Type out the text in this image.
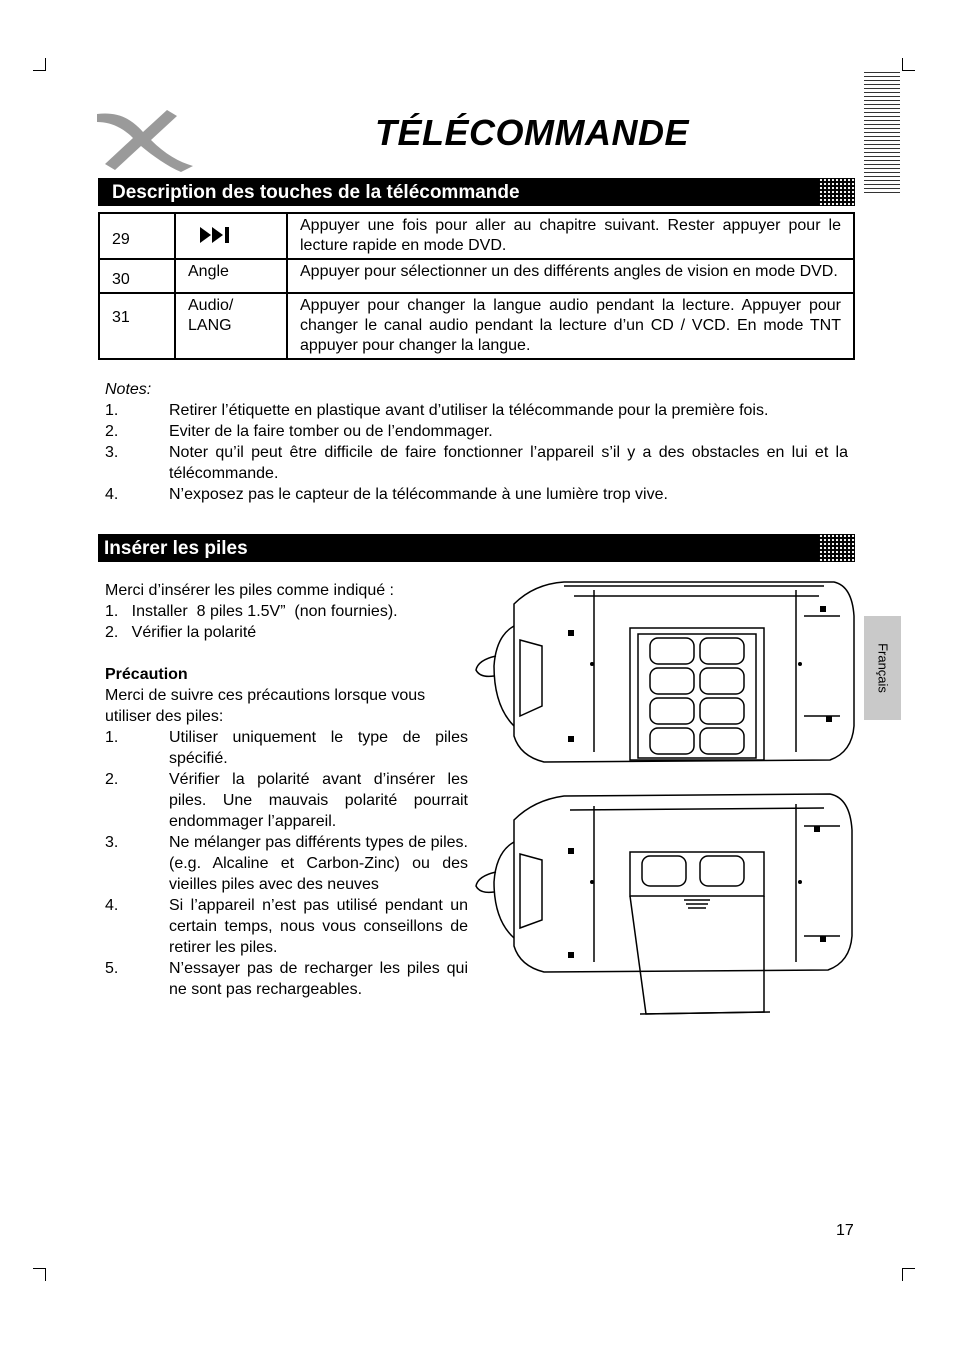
TÉLÉCOMMANDE
Description des touches de la télécommande
29		Appuyer une fois pour aller au chapitre suivant. Rester appuyer pour le lecture rapide en mode DVD.
30	Angle	Appuyer pour sélectionner un des différents angles de vision en mode DVD.
31	Audio/ LANG	Appuyer pour changer la langue audio pendant la lecture. Appuyer pour changer le canal audio pendant la lecture d’un CD / VCD. En mode TNT appuyer pour changer la langue.
Notes:
1.	Retirer l’étiquette en plastique avant d’utiliser la télécommande pour la première fois.
2.	Eviter de la faire tomber ou de l’endommager.
3.	Noter qu’il peut être difficile de faire fonctionner l’appareil s’il y a des obstacles en lui et la télécommande.
4.	N’exposez pas le capteur de la télécommande à une lumière trop vive.
Insérer les piles
Merci d’insérer les piles comme indiqué :
1.   Installer  8 piles 1.5V”  (non fournies).
2.   Vérifier la polarité
Précaution
Merci de suivre ces précautions lorsque vous utiliser des piles:
1.	Utiliser uniquement le type de piles spécifié.
2.	Vérifier la polarité avant d’insérer les piles. Une mauvais polarité pourrait endommager l’appareil.
3.	Ne mélanger pas différents types de piles. (e.g. Alcaline et Carbon-Zinc) ou des vieilles piles avec des neuves
4.	Si l’appareil n’est pas utilisé pendant un certain temps, nous vous conseillons de retirer les piles.
5.	N’essayer pas de recharger les piles qui ne sont pas rechargeables.
Français
17
